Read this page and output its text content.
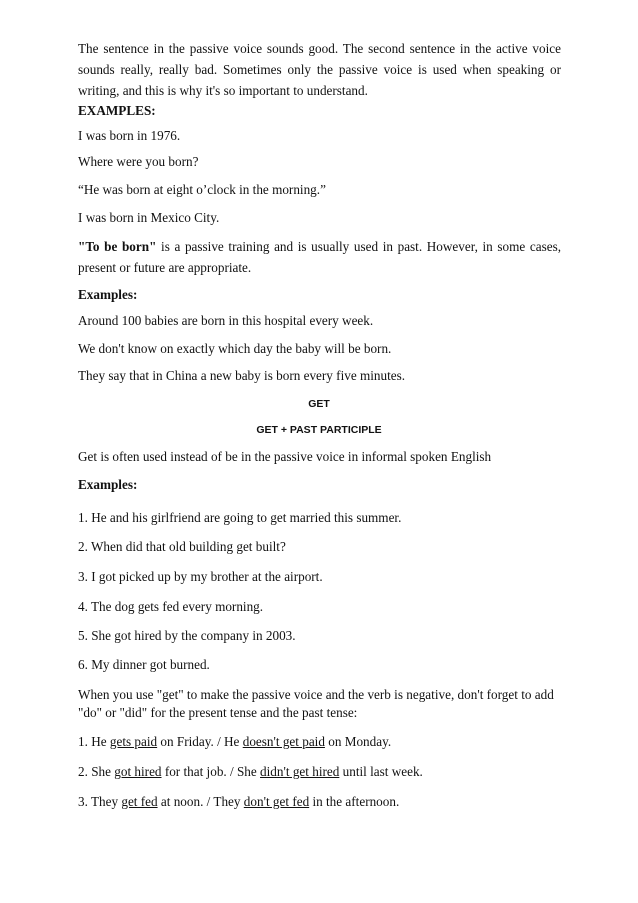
The sentence in the passive voice sounds good. The second sentence in the active voice sounds really, really bad. Sometimes only the passive voice is used when speaking or writing, and this is why it's so important to understand.
EXAMPLES:
I was born in 1976.
Where were you born?
“He was born at eight o’clock in the morning.”
I was born in Mexico City.
"To be born" is a passive training and is usually used in past. However, in some cases, present or future are appropriate.
Examples:
Around 100 babies are born in this hospital every week.
We don't know on exactly which day the baby will be born.
They say that in China a new baby is born every five minutes.
GET
GET + PAST PARTICIPLE
Get is often used instead of be in the passive voice in informal spoken English
Examples:
1. He and his girlfriend are going to get married this summer.
2. When did that old building get built?
3. I got picked up by my brother at the airport.
4. The dog gets fed every morning.
5. She got hired by the company in 2003.
6. My dinner got burned.
When you use "get" to make the passive voice and the verb is negative, don't forget to add
"do" or "did" for the present tense and the past tense:
1. He gets paid on Friday. / He doesn't get paid on Monday.
2. She got hired for that job. / She didn't get hired until last week.
3. They get fed at noon. / They don't get fed in the afternoon.
